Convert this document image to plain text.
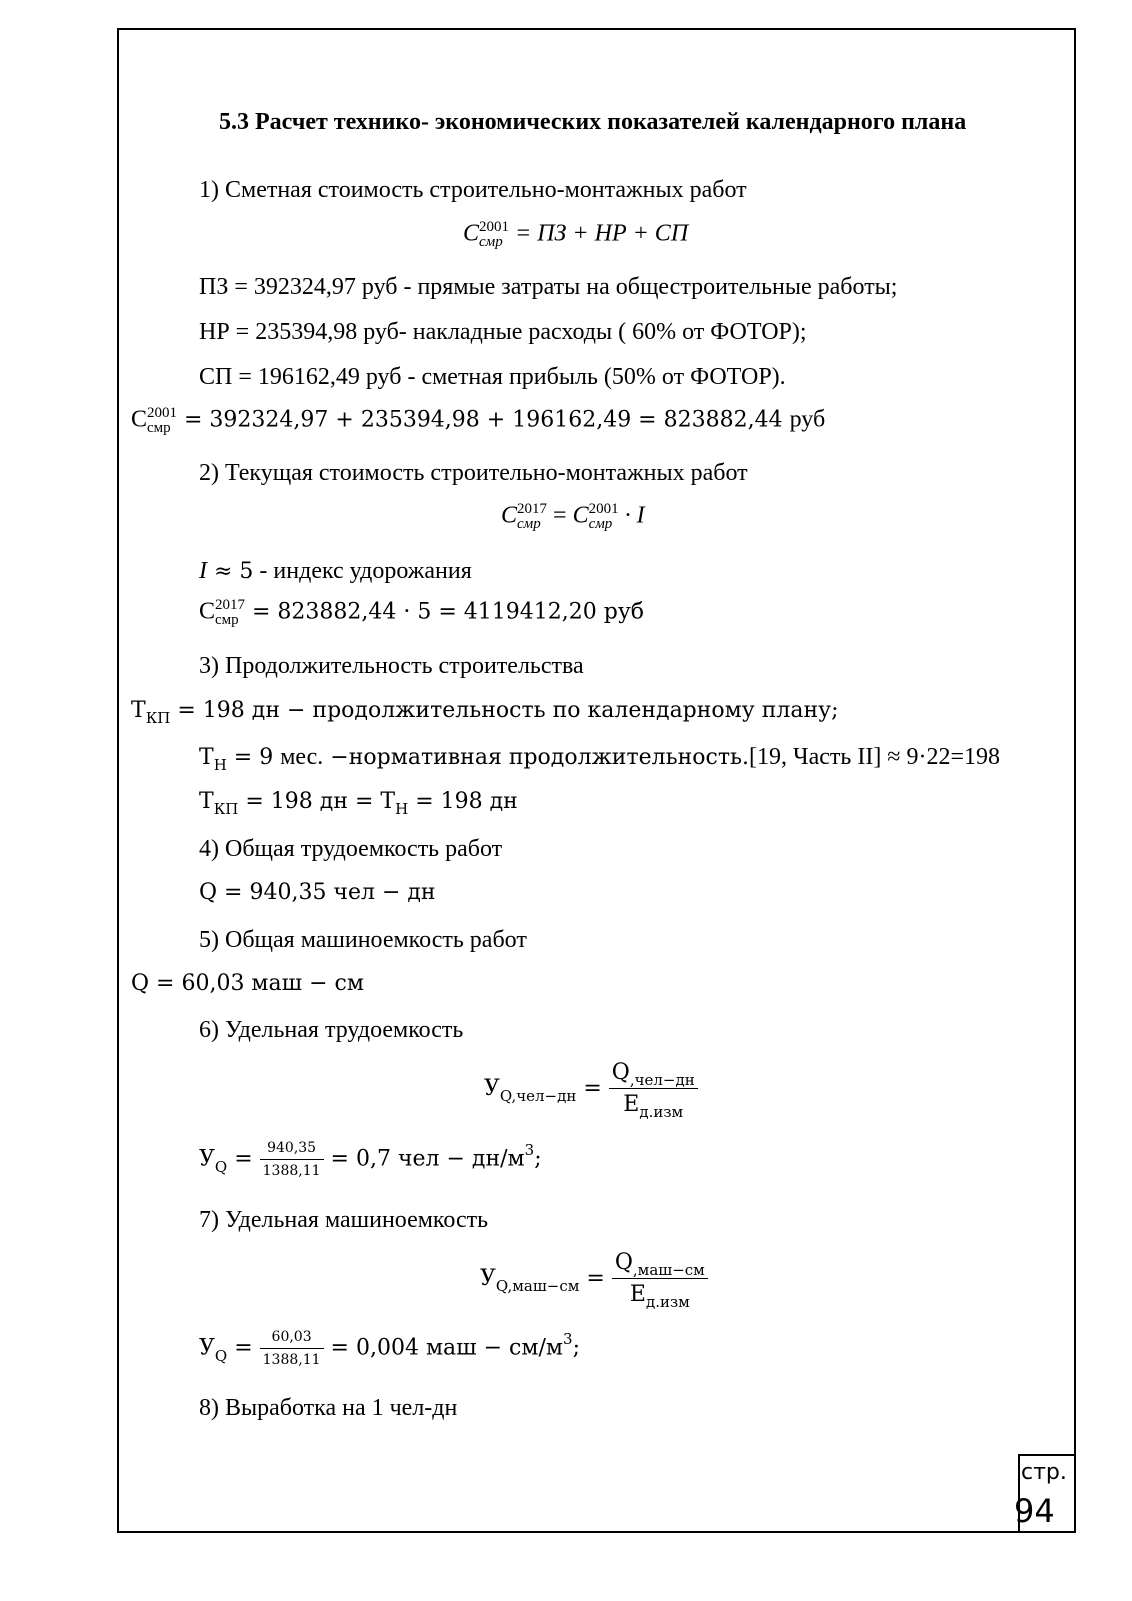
5.3 Расчет технико- экономических показателей календарного плана
1) Сметная стоимость строительно-монтажных работ
C 2001
смр = ПЗ + НР + СП
ПЗ = 392324,97 руб - прямые затраты на общестроительные работы;
НР = 235394,98 руб- накладные расходы ( 60% от ФОТОР);
СП = 196162,49 руб - сметная прибыль (50% от ФОТОР).
С 2001
смр = 392324,97 + 235394,98 + 196162,49 = 823882,44 руб
2) Текущая стоимость строительно-монтажных работ
C 2017
смр = C 2001
смр · I
I ≈ 5 - индекс удорожания
С 2017
смр = 823882,44 · 5 = 4119412,20 руб
3) Продолжительность строительства
$Т_{КП} = 198$ дн − продолжительность по календарному плану;
$Т_Н = 9$ мес. −нормативная продолжительность.[19, Часть II] ≈ 9·22=198
$Т_{КП} = 198$ дн = $Т_Н = 198$ дн
4) Общая трудоемкость работ
Q = 940,35 чел − дн
5) Общая машиноемкость работ
Q = 60,03 маш − см
6) Удельная трудоемкость
$У_{Q,чел-дн} = \frac{Q_{,чел-дн}}{Е_{д.изм}}$
$У_Q = \frac{940,35}{1388,11} = 0,7$ чел − $дн/м^3$;
7) Удельная машиноемкость
$У_{Q,маш-см} = \frac{Q_{,маш-см}}{Е_{д.изм}}$
$У_Q = \frac{60,03}{1388,11} = 0,004$ маш − $см/м^3$;
8) Выработка на 1 чел-дн
стр.
94
